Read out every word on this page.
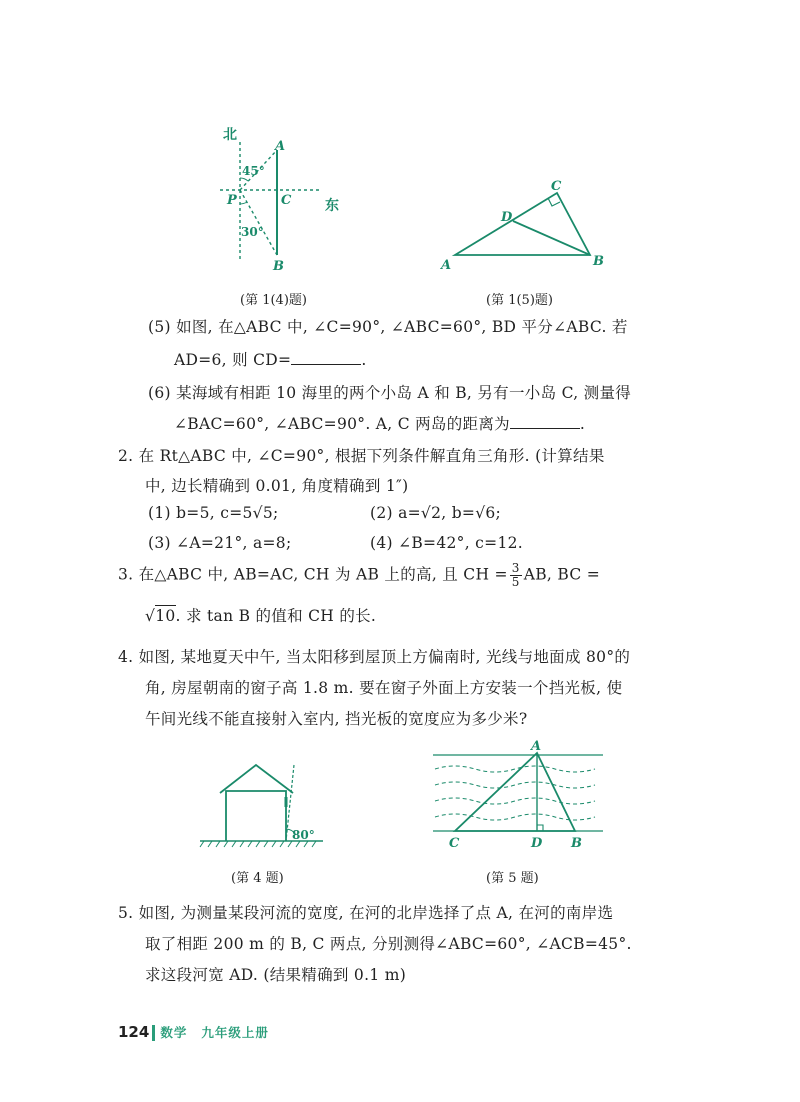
北
东
A
P	C
B
45°
30°
(第 1(4)题)
A	B
C
D
(第 1(5)题)
(5) 如图, 在△ABC 中, ∠C=90°, ∠ABC=60°, BD 平分∠ABC. 若
AD=6, 则 CD=	.
(6) 某海域有相距 10 海里的两个小岛 A 和 B, 另有一小岛 C, 测量得
∠BAC=60°, ∠ABC=90°. A, C 两岛的距离为	.
2. 在 Rt△ABC 中, ∠C=90°, 根据下列条件解直角三角形. (计算结果
中, 边长精确到 0.01, 角度精确到 1″)
(1) b=5, c=5√5;	(2) a=√2, b=√6;
(3) ∠A=21°, a=8;	(4) ∠B=42°, c=12.
3. 在△ABC 中, AB=AC, CH 为 AB 上的高, 且 CH = $\frac{3}{5}$ AB, BC =
√10. 求 tan B 的值和 CH 的长.
4. 如图, 某地夏天中午, 当太阳移到屋顶上方偏南时, 光线与地面成 80°的
角, 房屋朝南的窗子高 1.8 m. 要在窗子外面上方安装一个挡光板, 使
午间光线不能直接射入室内, 挡光板的宽度应为多少米?
80°
(第 4 题)
A
C	D B
(第 5 题)
5. 如图, 为测量某段河流的宽度, 在河的北岸选择了点 A, 在河的南岸选
取了相距 200 m 的 B, C 两点, 分别测得∠ABC=60°, ∠ACB=45°.
求这段河宽 AD. (结果精确到 0.1 m)
124 数学 九年级上册
